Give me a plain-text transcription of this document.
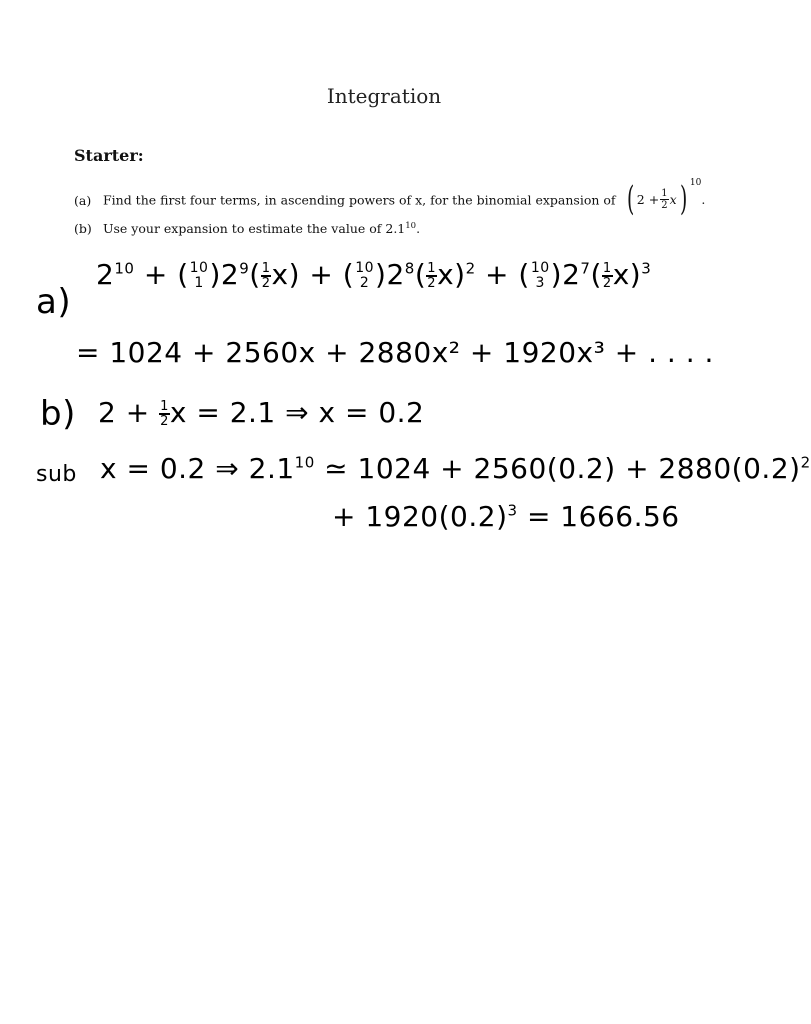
Integration
Starter:
(a) Find the first four terms, in ascending powers of x, for the binomial expansion of ( $2 + \frac{1}{2}$ x ) 10
.
(b) Use your expansion to estimate the value of $2.1^{10}$.
a)
$2^{10}$ + ( 10
1 )$2^9( \frac{1}{2} x)$ + ( 10
2 )$2^8( \frac{1}{2} x)^2$ + ( 10
3 )$2^7( \frac{1}{2} x)^3$
= 1024 + 2560x + 2880x² + 1920x³ + . . . .
b) $2 + \frac{1}{2}$ x = 2.1 ⇒ x = 0.2
sub x = 0.2 ⇒ $2.1^{10}$ ≃ $1024 + 2560(0.2) + 2880(0.2)^2$
+ $1920(0.2)^3 = 1666.56$
